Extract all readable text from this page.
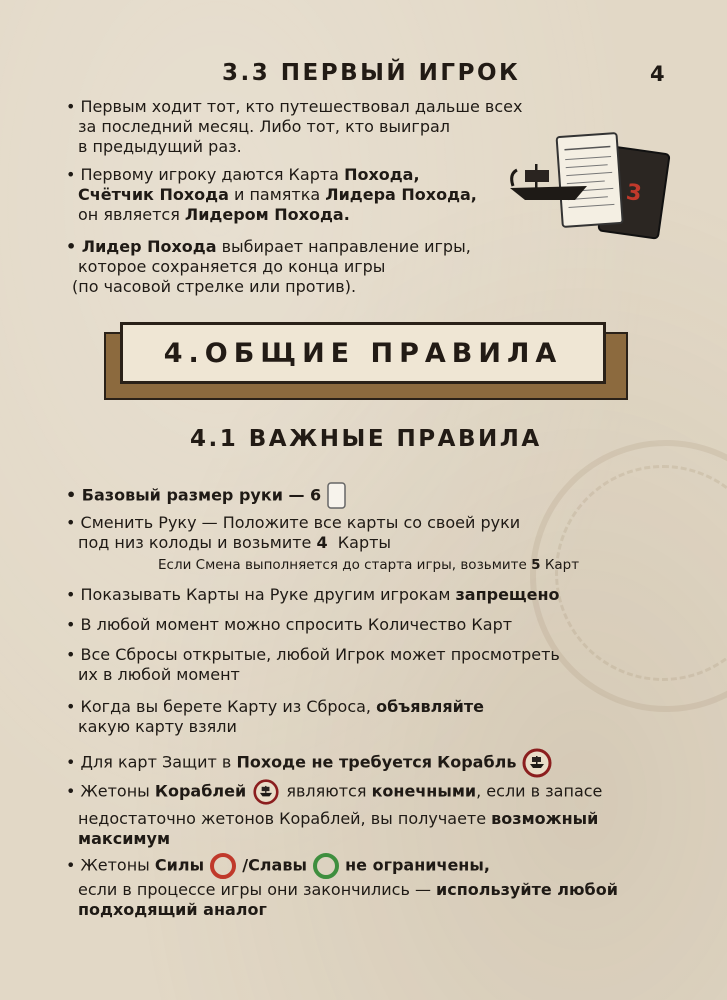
3.3 ПЕРВЫЙ ИГРОК	4
• Первым ходит тот, кто путешествовал дальше всех
за последний месяц. Либо тот, кто выиграл
в предыдущий раз.
• Первому игроку даются Карта Похода,
Счётчик Похода и памятка Лидера Похода,
он является Лидером Похода.
• Лидер Похода выбирает направление игры,
которое сохраняется до конца игры
(по часовой стрелке или против).
3
4.ОБЩИЕ ПРАВИЛА
4.1 ВАЖНЫЕ ПРАВИЛА
• Базовый размер руки — 6
• Сменить Руку — Положите все карты со своей руки
под низ колоды и возьмите 4  Карты
Если Смена выполняется до старта игры, возьмите 5 Карт
• Показывать Карты на Руке другим игрокам запрещено
• В любой момент можно спросить Количество Карт
• Все Сбросы открытые, любой Игрок может просмотреть
их в любой момент
• Когда вы берете Карту из Сброса, объявляйте
какую карту взяли
• Для карт Защит в Походе не требуется Корабль
• Жетоны Кораблей  являются конечными, если в запасе
недостаточно жетонов Кораблей, вы получаете возможный
максимум
• Жетоны Силы /Славы не ограничены,
если в процессе игры они закончились — используйте любой
подходящий аналог
